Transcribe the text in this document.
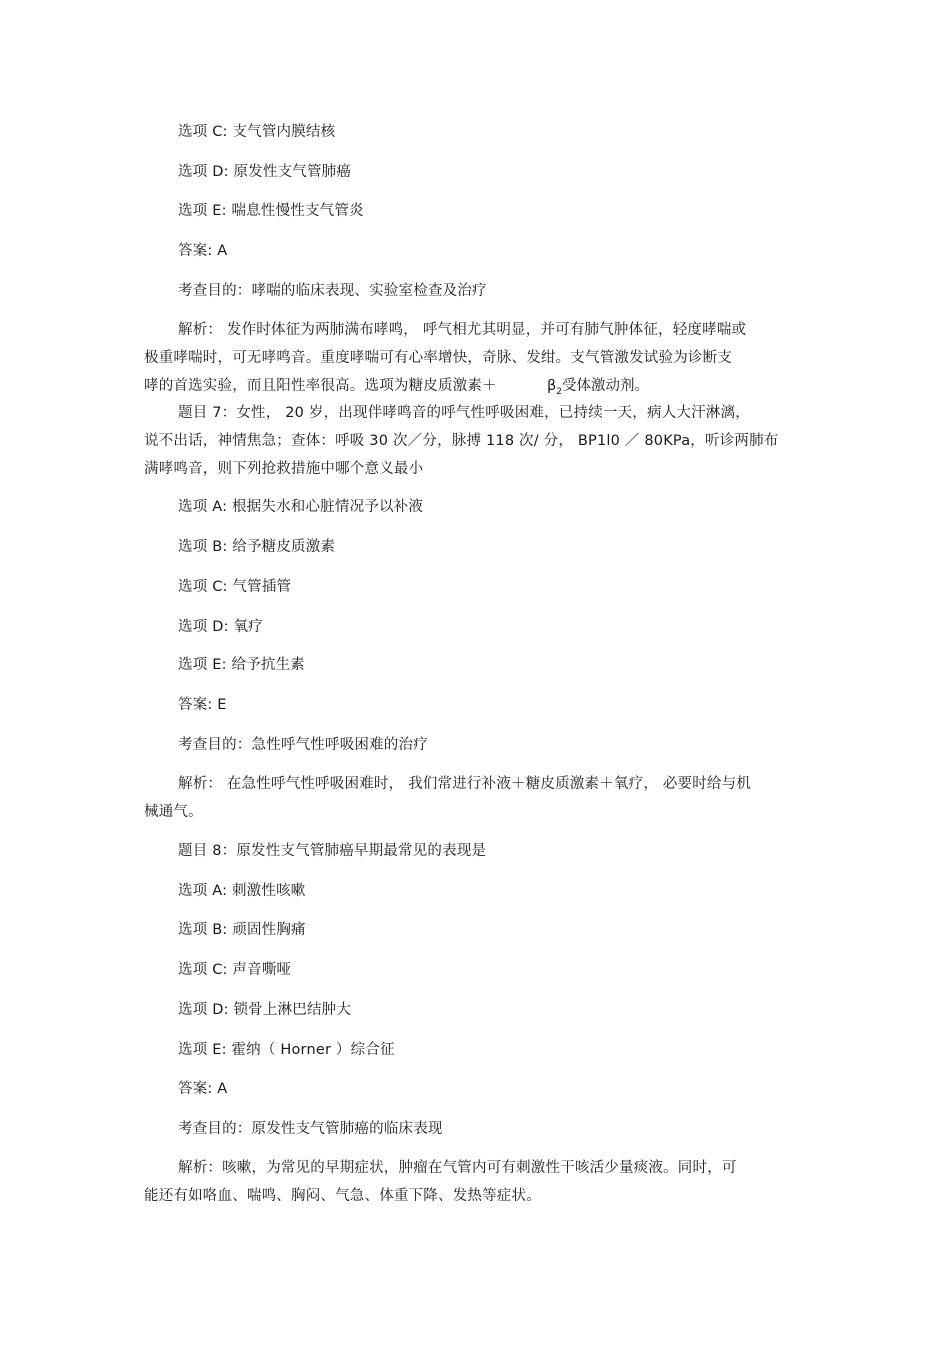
选项 C: 支气管内膜结核
选项 D: 原发性支气管肺癌
选项 E: 喘息性慢性支气管炎
答案: A
考查目的：哮喘的临床表现、实验室检查及治疗
解析： 发作时体征为两肺满布哮鸣， 呼气相尤其明显，并可有肺气肿体征，轻度哮喘或
极重哮喘时，可无哮鸣音。重度哮喘可有心率增快，奇脉、发绀。支气管激发试验为诊断支
哮的首选实验，而且阳性率很高。选项为糖皮质激素＋	$\beta_2$受体激动剂。
题目 7：女性， 20 岁，出现伴哮鸣音的呼气性呼吸困难，已持续一天，病人大汗淋漓，
说不出话，神情焦急；查体：呼吸 30 次／分，脉搏 118 次/ 分， BP1l0 ／ 80KPa，听诊两肺布
满哮鸣音，则下列抢救措施中哪个意义最小
选项 A: 根据失水和心脏情况予以补液
选项 B: 给予糖皮质激素
选项 C: 气管插管
选项 D: 氧疗
选项 E: 给予抗生素
答案: E
考查目的：急性呼气性呼吸困难的治疗
解析： 在急性呼气性呼吸困难时， 我们常进行补液＋糖皮质激素＋氧疗， 必要时给与机
械通气。
题目 8：原发性支气管肺癌早期最常见的表现是
选项 A: 刺激性咳嗽
选项 B: 顽固性胸痛
选项 C: 声音嘶哑
选项 D: 锁骨上淋巴结肿大
选项 E: 霍纳（ Horner ）综合征
答案: A
考查目的：原发性支气管肺癌的临床表现
解析：咳嗽，为常见的早期症状，肿瘤在气管内可有刺激性干咳活少量痰液。同时，可
能还有如咯血、喘鸣、胸闷、气急、体重下降、发热等症状。
